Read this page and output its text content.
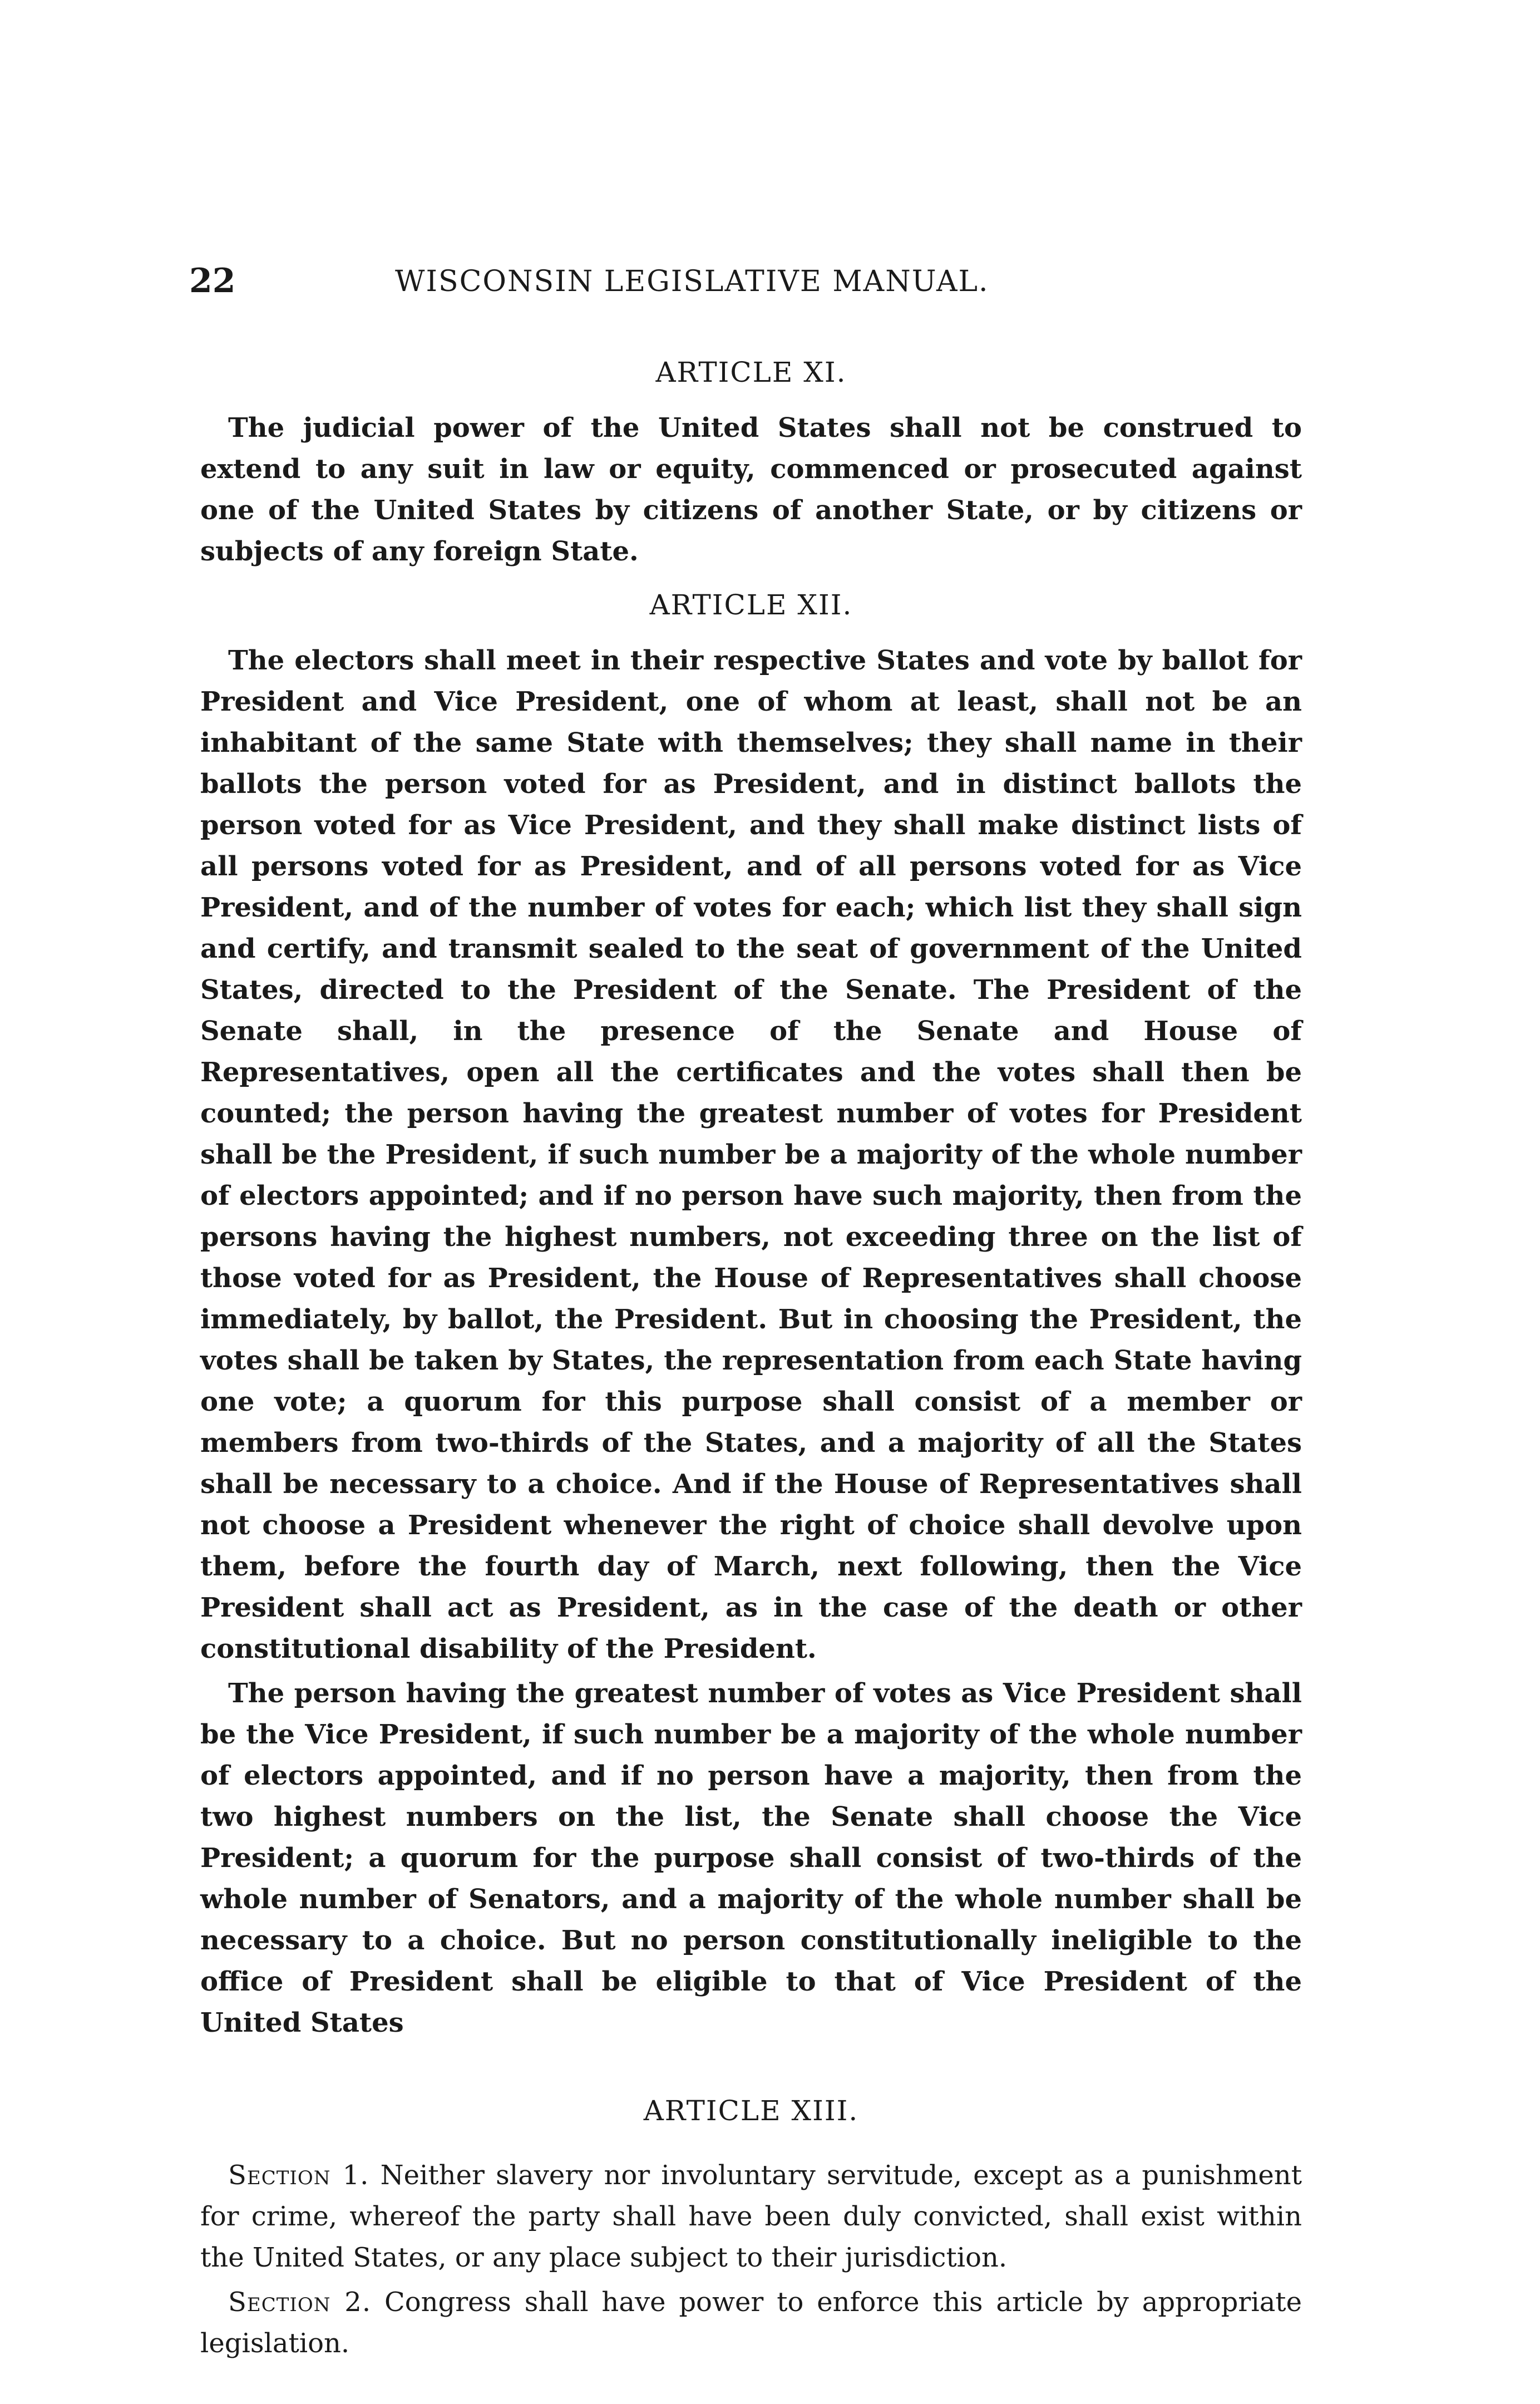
22	WISCONSIN LEGISLATIVE MANUAL.
ARTICLE XI.

The judicial power of the United States shall not be construed to extend to any suit in law or equity, commenced or prosecuted against one of the United States by citizens of another State, or by citizens or subjects of any foreign State.

ARTICLE XII.

The electors shall meet in their respective States and vote by ballot for President and Vice President, one of whom at least, shall not be an inhabitant of the same State with themselves; they shall name in their ballots the person voted for as President, and in distinct ballots the person voted for as Vice President, and they shall make distinct lists of all persons voted for as President, and of all persons voted for as Vice President, and of the number of votes for each; which list they shall sign and certify, and transmit sealed to the seat of government of the United States, directed to the President of the Senate. The President of the Senate shall, in the presence of the Senate and House of Representatives, open all the certificates and the votes shall then be counted; the person having the greatest number of votes for President shall be the President, if such number be a majority of the whole number of electors appointed; and if no person have such majority, then from the persons having the highest numbers, not exceeding three on the list of those voted for as President, the House of Representatives shall choose immediately, by ballot, the President. But in choosing the President, the votes shall be taken by States, the representation from each State having one vote; a quorum for this purpose shall consist of a member or members from two-thirds of the States, and a majority of all the States shall be necessary to a choice. And if the House of Representatives shall not choose a President whenever the right of choice shall devolve upon them, before the fourth day of March, next following, then the Vice President shall act as President, as in the case of the death or other constitutional disability of the President.

The person having the greatest number of votes as Vice President shall be the Vice President, if such number be a majority of the whole number of electors appointed, and if no person have a majority, then from the two highest numbers on the list, the Senate shall choose the Vice President; a quorum for the purpose shall consist of two-thirds of the whole number of Senators, and a majority of the whole number shall be necessary to a choice. But no person constitutionally ineligible to the office of President shall be eligible to that of Vice President of the United States

ARTICLE XIII.

Section 1. Neither slavery nor involuntary servitude, except as a punishment for crime, whereof the party shall have been duly convicted, shall exist within the United States, or any place subject to their jurisdiction.

Section 2. Congress shall have power to enforce this article by appropriate legislation.
